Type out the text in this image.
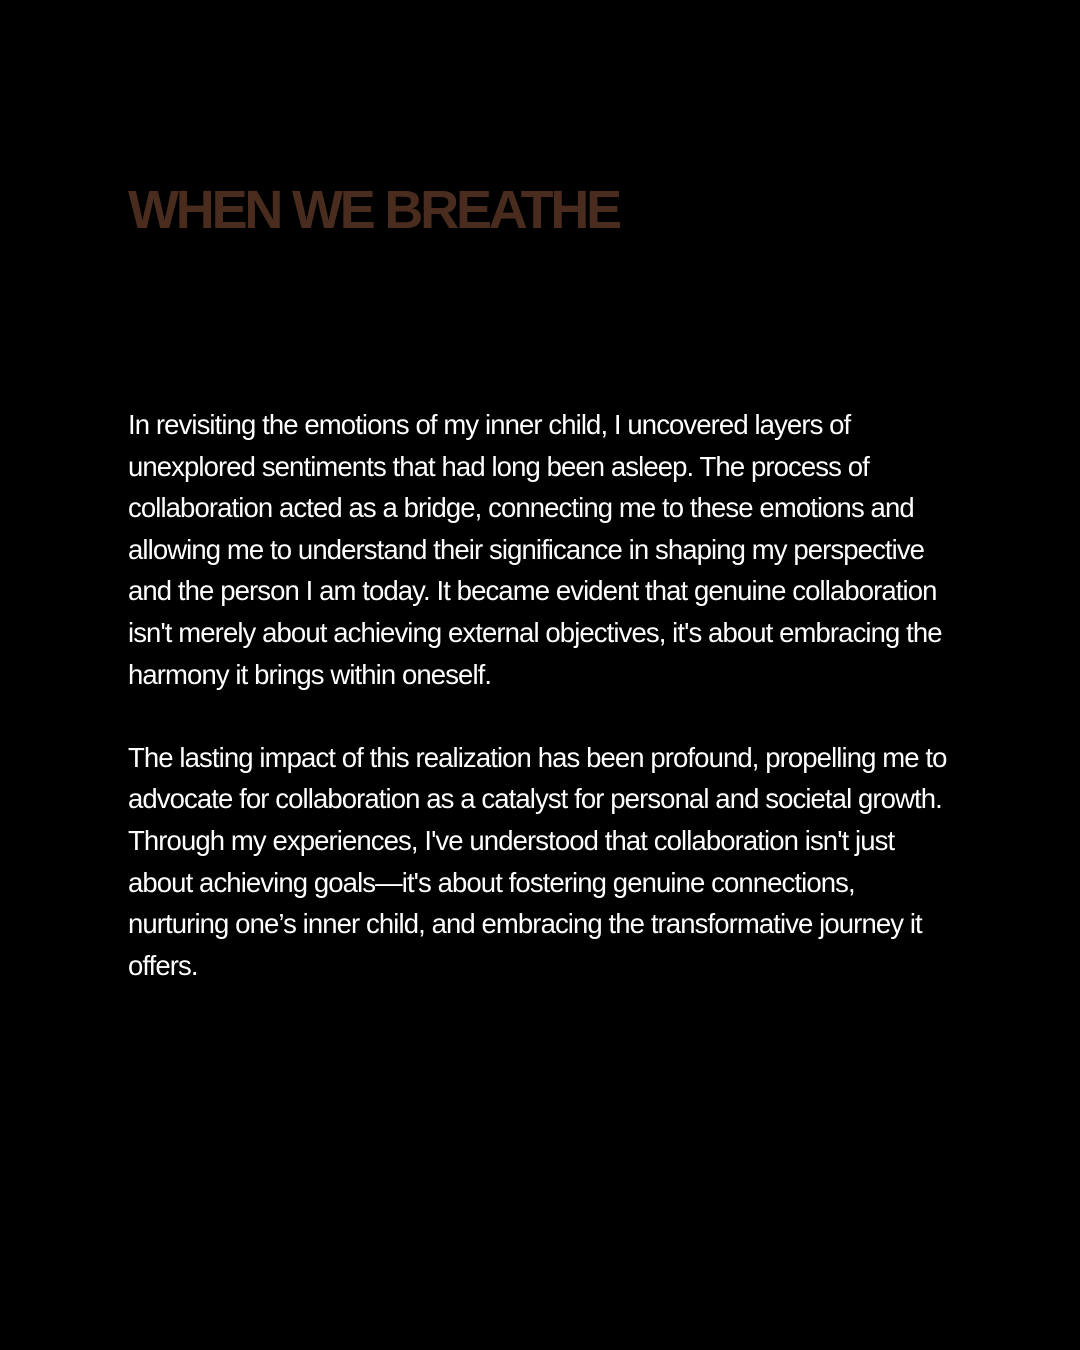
WHEN WE BREATHE

In revisiting the emotions of my inner child, I uncovered layers of unexplored sentiments that had long been asleep. The process of collaboration acted as a bridge, connecting me to these emotions and allowing me to understand their significance in shaping my perspective and the person I am today. It became evident that genuine collaboration isn't merely about achieving external objectives, it's about embracing the harmony it brings within oneself.

The lasting impact of this realization has been profound, propelling me to advocate for collaboration as a catalyst for personal and societal growth. Through my experiences, I've understood that collaboration isn't just about achieving goals—it's about fostering genuine connections, nurturing one’s inner child, and embracing the transformative journey it offers.
